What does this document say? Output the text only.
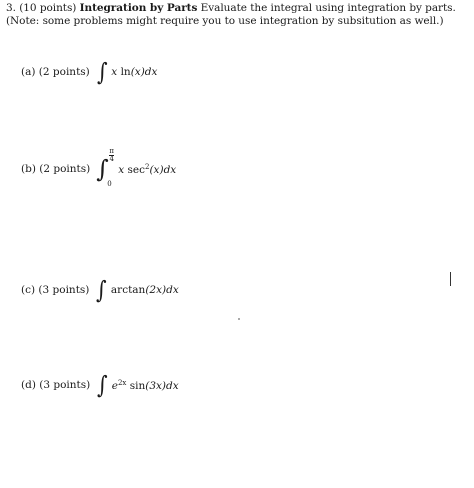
3. (10 points) Integration by Parts Evaluate the integral using integration by parts. (Note: some problems might require you to use integration by subsitution as well.)
(a) (2 points) ∫ x ln(x)dx
(b) (2 points) ∫
π
4
0
x $\sec^2(x)dx$
(c) (3 points) ∫ arctan(2x)dx
(d) (3 points) ∫ $e^{2x}$ sin(3x)dx
